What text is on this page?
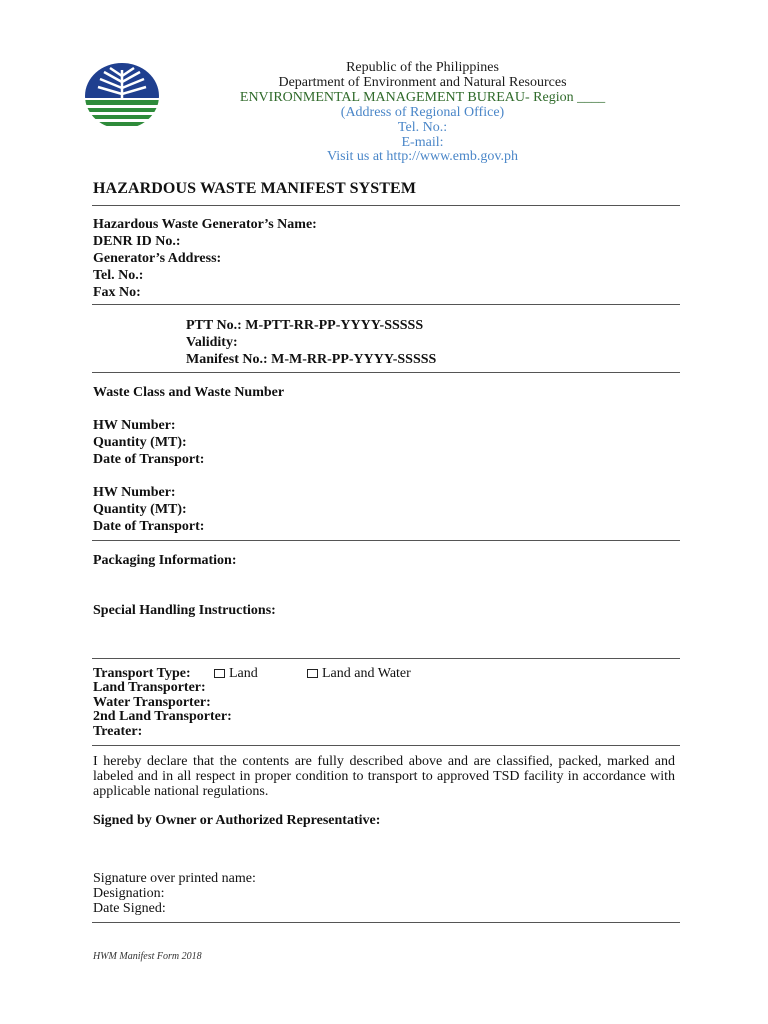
Republic of the Philippines
Department of Environment and Natural Resources
ENVIRONMENTAL MANAGEMENT BUREAU- Region ____
(Address of Regional Office)
Tel. No.:
E-mail:
Visit us at http://www.emb.gov.ph
HAZARDOUS WASTE MANIFEST SYSTEM
Hazardous Waste Generator’s Name:
DENR ID No.:
Generator’s Address:
Tel. No.:
Fax No:
PTT No.: M-PTT-RR-PP-YYYY-SSSSS
Validity:
Manifest No.: M-M-RR-PP-YYYY-SSSSS
Waste Class and Waste Number
HW Number:
Quantity (MT):
Date of Transport:
HW Number:
Quantity (MT):
Date of Transport:
Packaging Information:
Special Handling Instructions:
Transport Type:	Land	Land and Water
Land Transporter:
Water Transporter:
2nd Land Transporter:
Treater:
I hereby declare that the contents are fully described above and are classified, packed, marked and labeled and in all respect in proper condition to transport to approved TSD facility in accordance with applicable national regulations.
Signed by Owner or Authorized Representative:
Signature over printed name:
Designation:
Date Signed:
HWM Manifest Form 2018
